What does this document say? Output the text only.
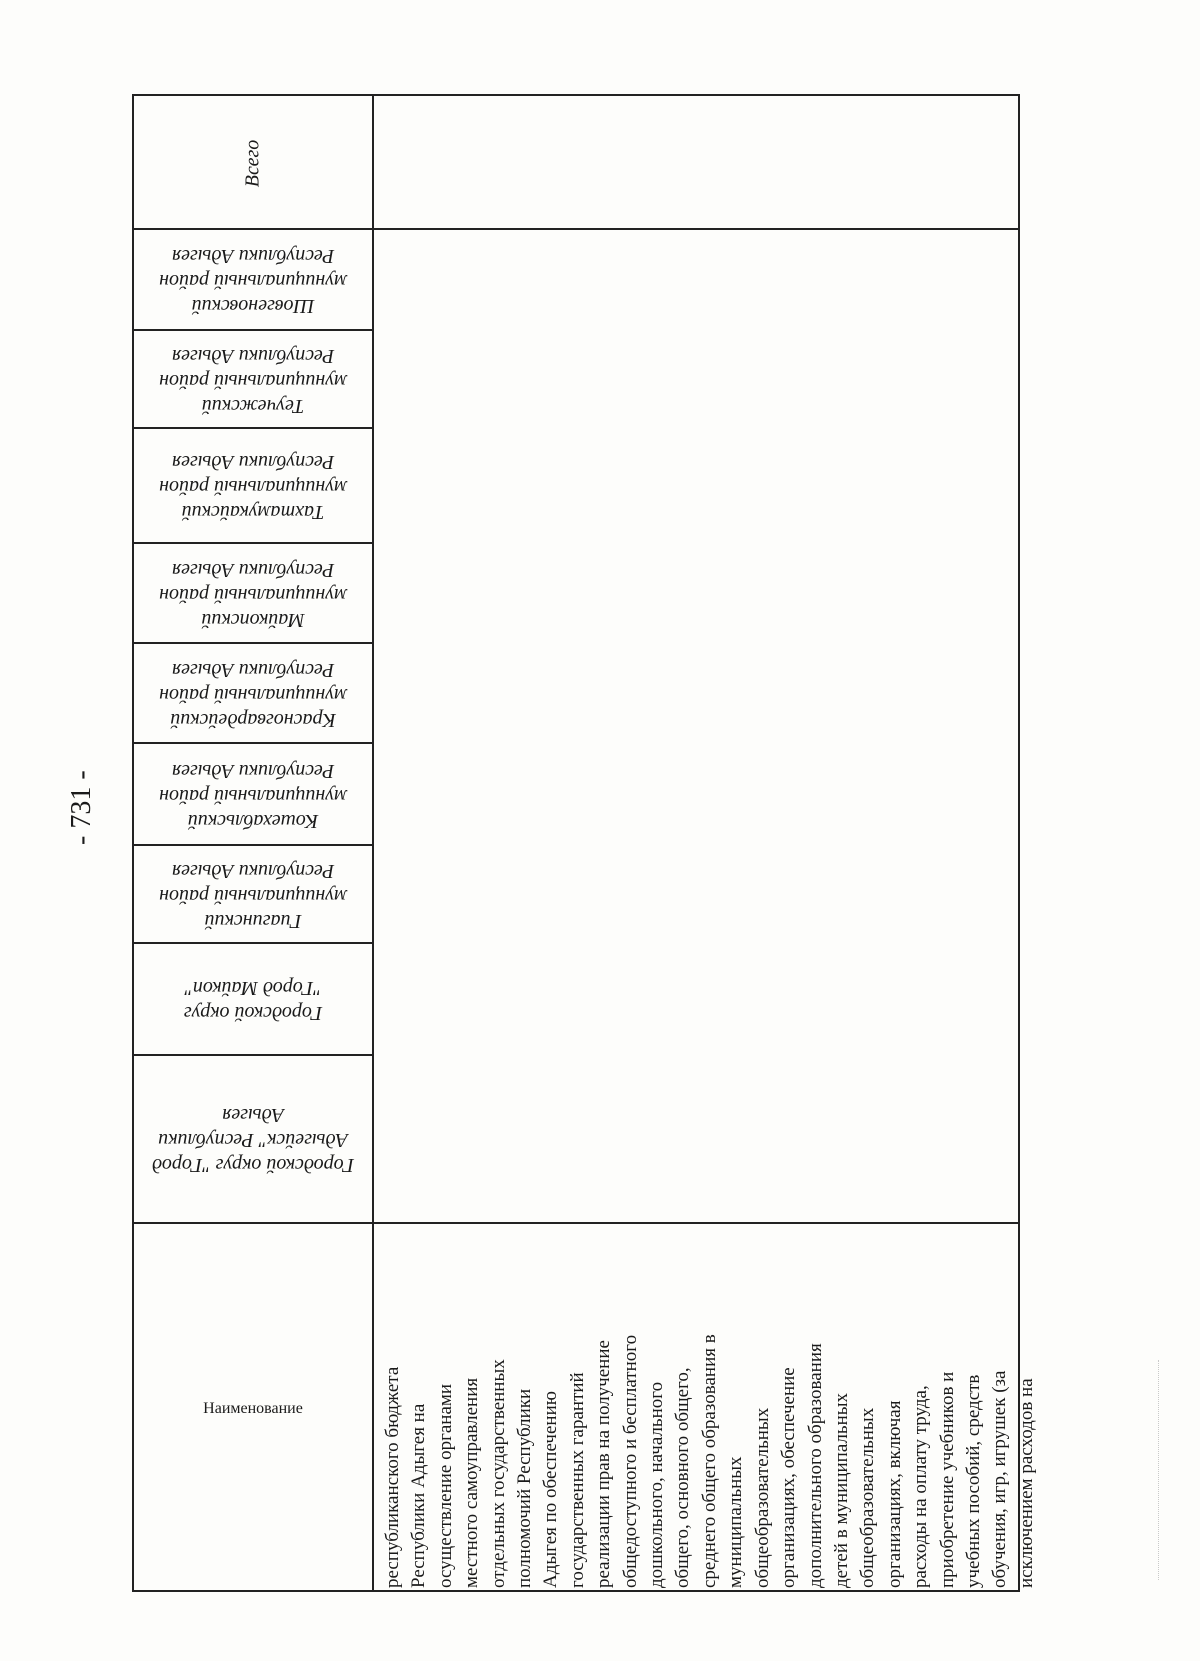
- 731 -
Всего
Шовгеновский
муниципальный район
Республики Адыгея
Теучежский
муниципальный район
Республики Адыгея
Тахтамукайский
муниципальный район
Республики Адыгея
Майкопский
муниципальный район
Республики Адыгея
Красногвардейский
муниципальный район
Республики Адыгея
Кошехабльский
муниципальный район
Республики Адыгея
Гиагинский
муниципальный район
Республики Адыгея
Городской округ
"Город Майкоп"
Городской округ "Город
Адыгейск" Республики
Адыгея
Наименование
республиканского бюджета
Республики Адыгея на
осуществление органами
местного самоуправления
отдельных государственных
полномочий Республики
Адыгея по обеспечению
государственных гарантий
реализации прав на получение
общедоступного и бесплатного
дошкольного, начального
общего, основного общего,
среднего общего образования в
муниципальных
общеобразовательных
организациях, обеспечение
дополнительного образования
детей в муниципальных
общеобразовательных
организациях, включая
расходы на оплату труда,
приобретение учебников и
учебных пособий, средств
обучения, игр, игрушек (за
исключением расходов на
